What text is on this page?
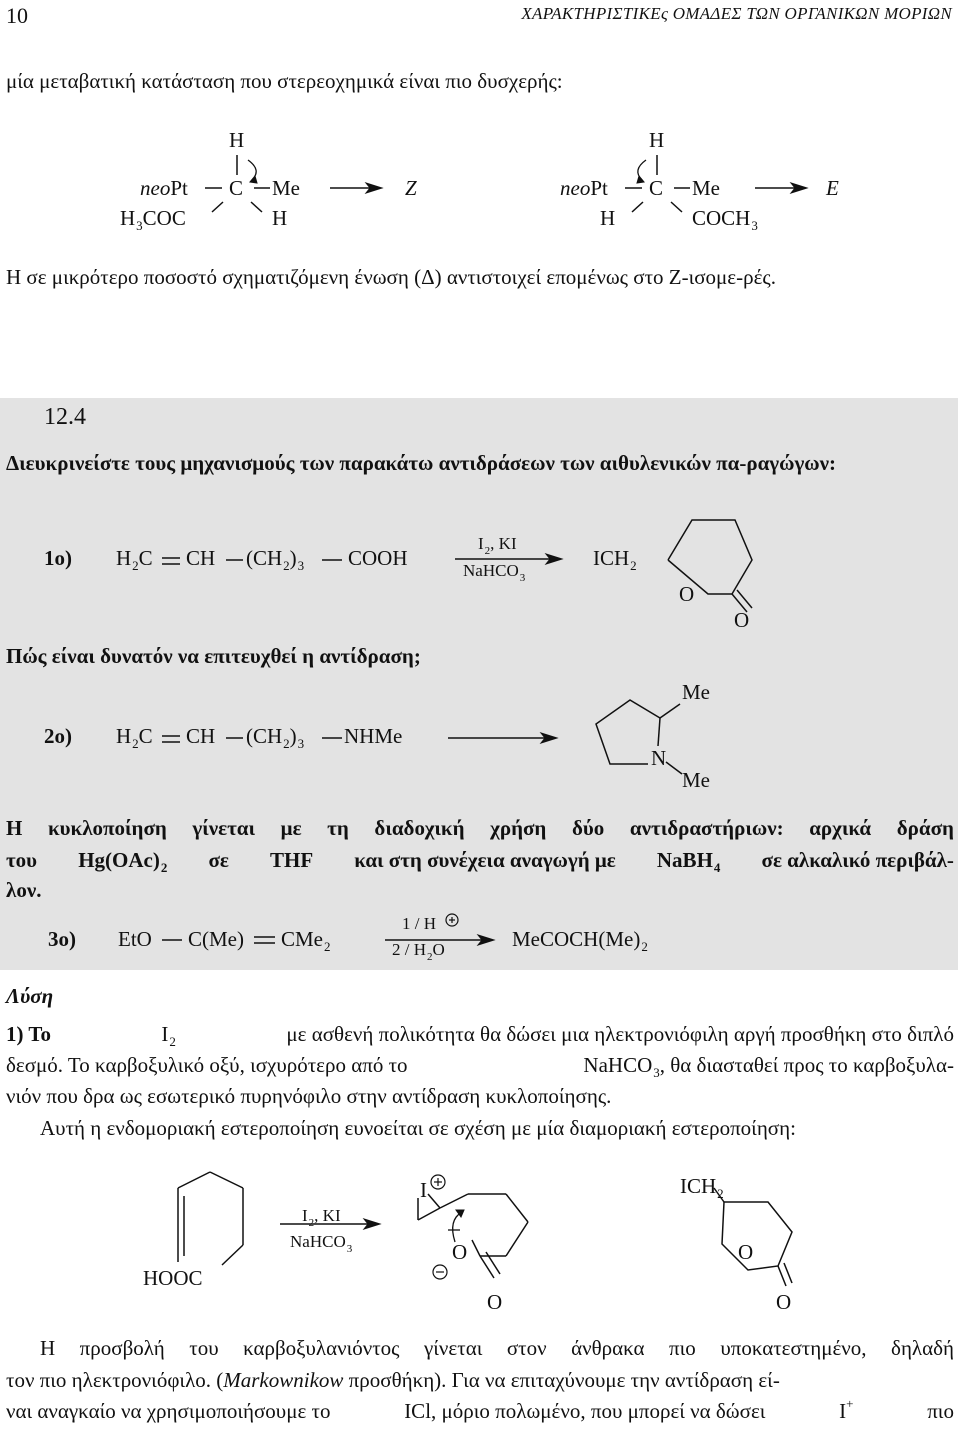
10	ΧΑΡΑΚΤΗΡΙΣΤΙΚΕς ΟΜΑΔΕΣ ΤΩΝ ΟΡΓΑΝΙΚΩΝ ΜΟΡΙΩΝ
μία μεταβατική κατάσταση που στερεοχημικά είναι πιο δυσχερής:
H
neoPt C Me
$H_3COC$	H
Z
H
neoPt C Me
H	$COCH_3$
E
Η σε μικρότερο ποσοστό σχηματιζόμενη ένωση (Δ) αντιστοιχεί επομένως στο Z-ισομε-ρές.
12.4
Διευκρινείστε τους μηχανισμούς των παρακάτω αντιδράσεων των αιθυλενικών πα-ραγώγων:
1ο) $H_2C$ CH $(CH_2)_3$ COOH
$I_2$, KI
NaHCO$_3$
$ICH_2$
O
O
Πώς είναι δυνατόν να επιτευχθεί η αντίδραση;
2ο) $H_2C$ CH $(CH_2)_3$ NHMe
Me
N
Me
Η κυκλοποίηση γίνεται με τη διαδοχική χρήση δύο αντιδραστήριων: αρχικά δράση
του $Hg(OAc)_2$ σε THF και στη συνέχεια αναγωγή με NaBH$_4$ σε αλκαλικό περιβάλ-
λον.
3ο) EtO C(Me) CMe$_2$
1 / H
$2 / H_2O$	$MeCOCH(Me)_2$
Λύση
1) Το	$I_2$	με ασθενή πολικότητα θα δώσει μια ηλεκτρονιόφιλη αργή προσθήκη στο διπλό
δεσμό. Το καρβοξυλικό οξύ, ισχυρότερο από το	NaHCO$_3$, θα διασταθεί προς το καρβοξυλα-
νιόν που δρα ως εσωτερικό πυρηνόφιλο στην αντίδραση κυκλοποίησης.
Αυτή η ενδομοριακή εστεροποίηση ευνοείται σε σχέση με μία διαμοριακή εστεροποίηση:
HOOC
$I_2$, KI
NaHCO$_3$
I
O
O
$ICH_2$
O
O
Η προσβολή του καρβοξυλανιόντος γίνεται στον άνθρακα πιο υποκατεστημένο, δηλαδή
τον πιο ηλεκτρονιόφιλο. (Markownikow προσθήκη). Για να επιταχύνουμε την αντίδραση εί-
ναι αναγκαίο να χρησιμοποιήσουμε το	ICl, μόριο πολωμένο, που μπορεί να δώσει	I+	πιο
